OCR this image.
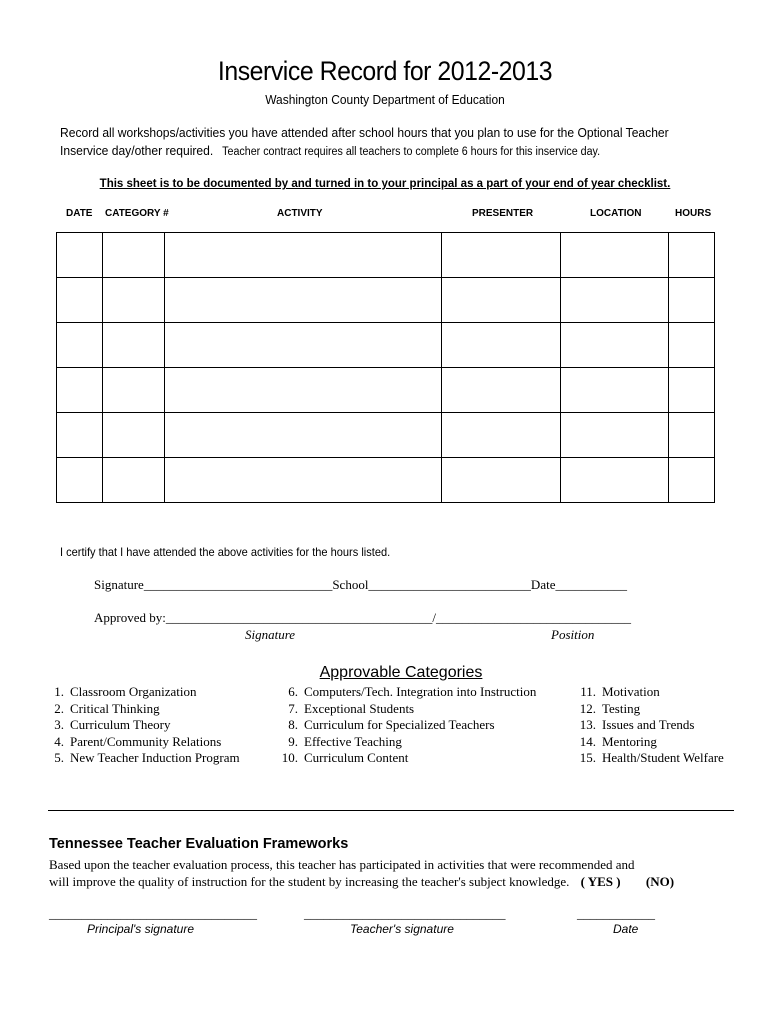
Inservice Record for 2012-2013
Washington County Department of Education
Record all workshops/activities you have attended after school hours that you plan to use for the Optional Teacher
Inservice day/other required. Teacher contract requires all teachers to complete 6 hours for this inservice day.
This sheet is to be documented by and turned in to your principal as a part of your end of year checklist.
DATE CATEGORY #	ACTIVITY	PRESENTER	LOCATION	HOURS

I certify that I have attended the above activities for the hours listed.
Signature_____________________________School_________________________Date___________
Approved by:_________________________________________/______________________________
Signature	Position
Approvable Categories
1. Classroom Organization
2. Critical Thinking
3. Curriculum Theory
4. Parent/Community Relations
5. New Teacher Induction Program
6. Computers/Tech. Integration into Instruction
7. Exceptional Students
8. Curriculum for Specialized Teachers
9. Effective Teaching
10. Curriculum Content
11. Motivation
12. Testing
13. Issues and Trends
14. Mentoring
15. Health/Student Welfare
Tennessee Teacher Evaluation Frameworks
Based upon the teacher evaluation process, this teacher has participated in activities that were recommended and
will improve the quality of instruction for the student by increasing the teacher's subject knowledge. ( YES ) (NO)
________________________________	_______________________________	____________
Principal's signature	Teacher's signature	Date
